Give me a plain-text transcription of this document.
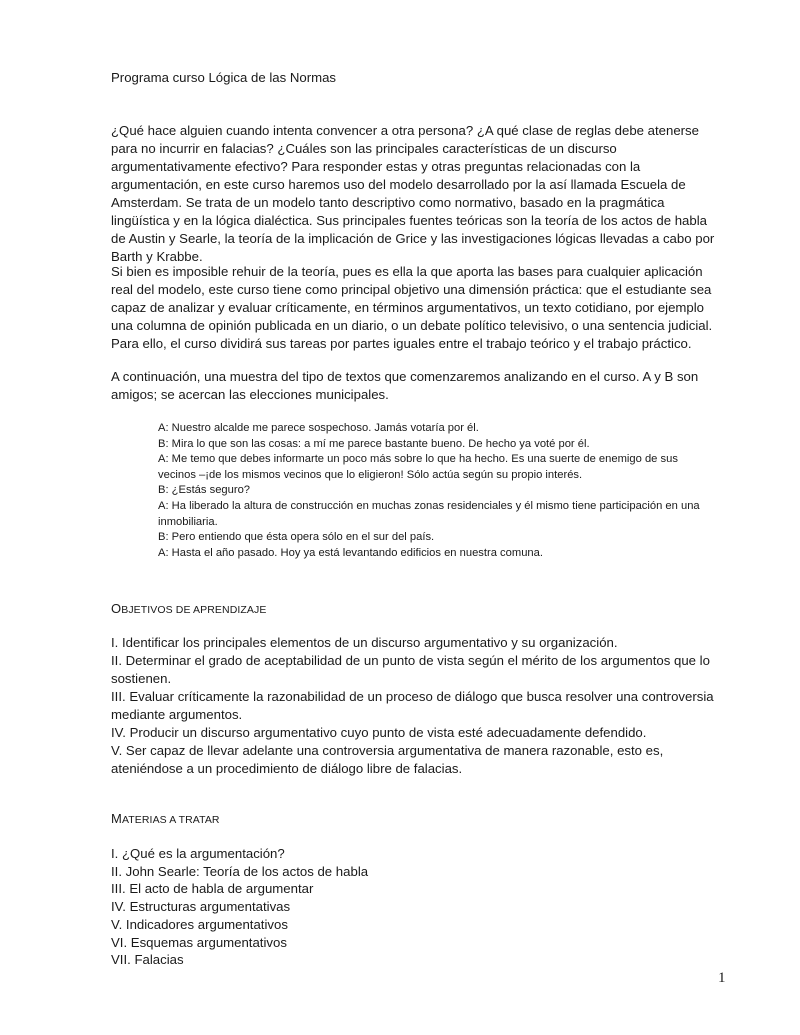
Programa curso Lógica de las Normas
¿Qué hace alguien cuando intenta convencer a otra persona? ¿A qué clase de reglas debe atenerse para no incurrir en falacias? ¿Cuáles son las principales características de un discurso argumentativamente efectivo? Para responder estas y otras preguntas relacionadas con la argumentación, en este curso haremos uso del modelo desarrollado por la así llamada Escuela de Amsterdam. Se trata de un modelo tanto descriptivo como normativo, basado en la pragmática lingüística y en la lógica dialéctica. Sus principales fuentes teóricas son la teoría de los actos de habla de Austin y Searle, la teoría de la implicación de Grice y las investigaciones lógicas llevadas a cabo por Barth y Krabbe.
Si bien es imposible rehuir de la teoría, pues es ella la que aporta las bases para cualquier aplicación real del modelo, este curso tiene como principal objetivo una dimensión práctica: que el estudiante sea capaz de analizar y evaluar críticamente, en términos argumentativos, un texto cotidiano, por ejemplo una columna de opinión publicada en un diario, o un debate político televisivo, o una sentencia judicial. Para ello, el curso dividirá sus tareas por partes iguales entre el trabajo teórico y el trabajo práctico.
A continuación, una muestra del tipo de textos que comenzaremos analizando en el curso. A y B son amigos; se acercan las elecciones municipales.
A: Nuestro alcalde me parece sospechoso. Jamás votaría por él.
B: Mira lo que son las cosas: a mí me parece bastante bueno. De hecho ya voté por él.
A: Me temo que debes informarte un poco más sobre lo que ha hecho. Es una suerte de enemigo de sus vecinos –¡de los mismos vecinos que lo eligieron! Sólo actúa según su propio interés.
B: ¿Estás seguro?
A: Ha liberado la altura de construcción en muchas zonas residenciales y él mismo tiene participación en una inmobiliaria.
B: Pero entiendo que ésta opera sólo en el sur del país.
A: Hasta el año pasado. Hoy ya está levantando edificios en nuestra comuna.
OBJETIVOS DE APRENDIZAJE
I. Identificar los principales elementos de un discurso argumentativo y su organización.
II. Determinar el grado de aceptabilidad de un punto de vista según el mérito de los argumentos que lo sostienen.
III. Evaluar críticamente la razonabilidad de un proceso de diálogo que busca resolver una controversia mediante argumentos.
IV. Producir un discurso argumentativo cuyo punto de vista esté adecuadamente defendido.
V. Ser capaz de llevar adelante una controversia argumentativa de manera razonable, esto es, ateniéndose a un procedimiento de diálogo libre de falacias.
MATERIAS A TRATAR
I. ¿Qué es la argumentación?
II. John Searle: Teoría de los actos de habla
III. El acto de habla de argumentar
IV. Estructuras argumentativas
V. Indicadores argumentativos
VI. Esquemas argumentativos
VII. Falacias
1
